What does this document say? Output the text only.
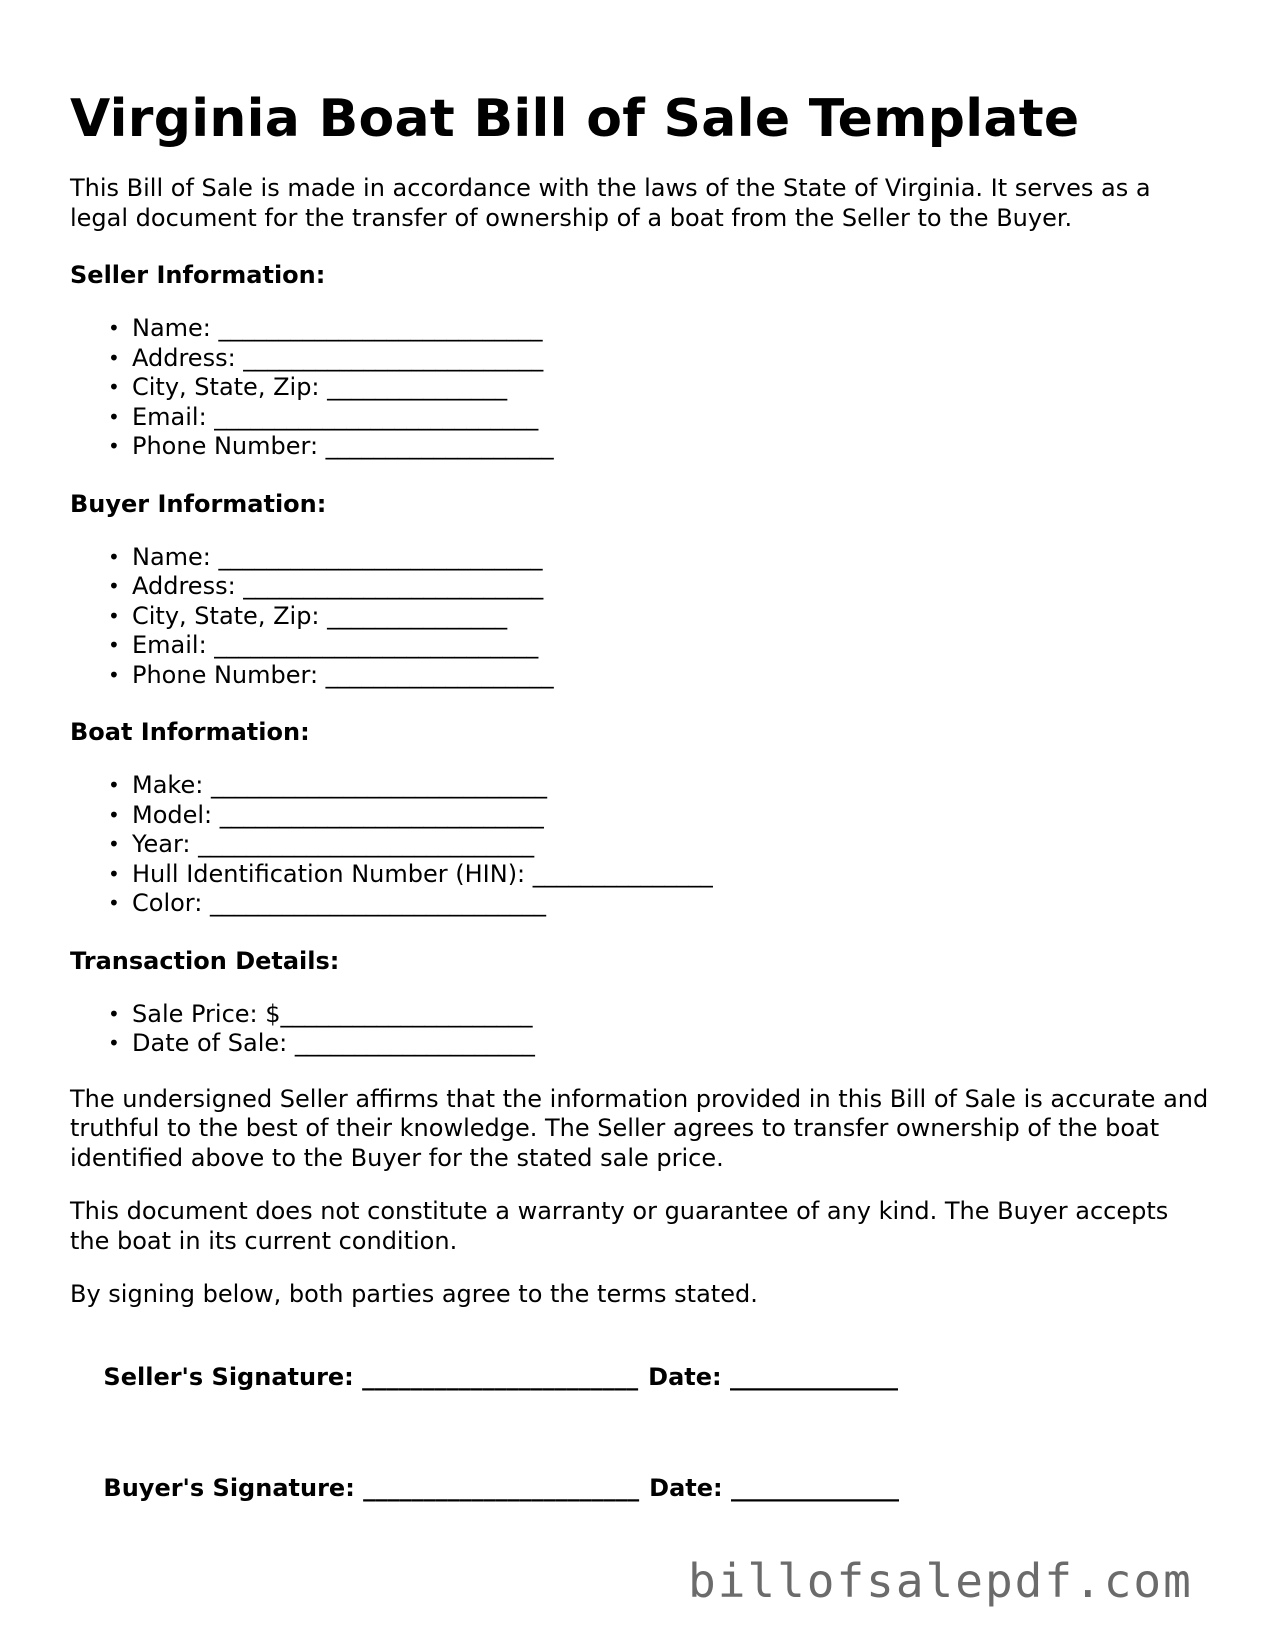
Virginia Boat Bill of Sale Template

This Bill of Sale is made in accordance with the laws of the State of Virginia. It serves as a legal document for the transfer of ownership of a boat from the Seller to the Buyer.

Seller Information:
• Name: ___________________________
• Address: _________________________
• City, State, Zip: _______________
• Email: ___________________________
• Phone Number: ___________________
Buyer Information:
• Name: ___________________________
• Address: _________________________
• City, State, Zip: _______________
• Email: ___________________________
• Phone Number: ___________________
Boat Information:
• Make: ____________________________
• Model: ___________________________
• Year: ____________________________
• Hull Identification Number (HIN): _______________
• Color: ____________________________
Transaction Details:
• Sale Price: $_____________________
• Date of Sale: ____________________

The undersigned Seller affirms that the information provided in this Bill of Sale is accurate and truthful to the best of their knowledge. The Seller agrees to transfer ownership of the boat identified above to the Buyer for the stated sale price.

This document does not constitute a warranty or guarantee of any kind. The Buyer accepts the boat in its current condition.

By signing below, both parties agree to the terms stated.

Seller's Signature: _______________________ Date: ______________

Buyer's Signature: _______________________ Date: ______________

billofsalepdf.com
